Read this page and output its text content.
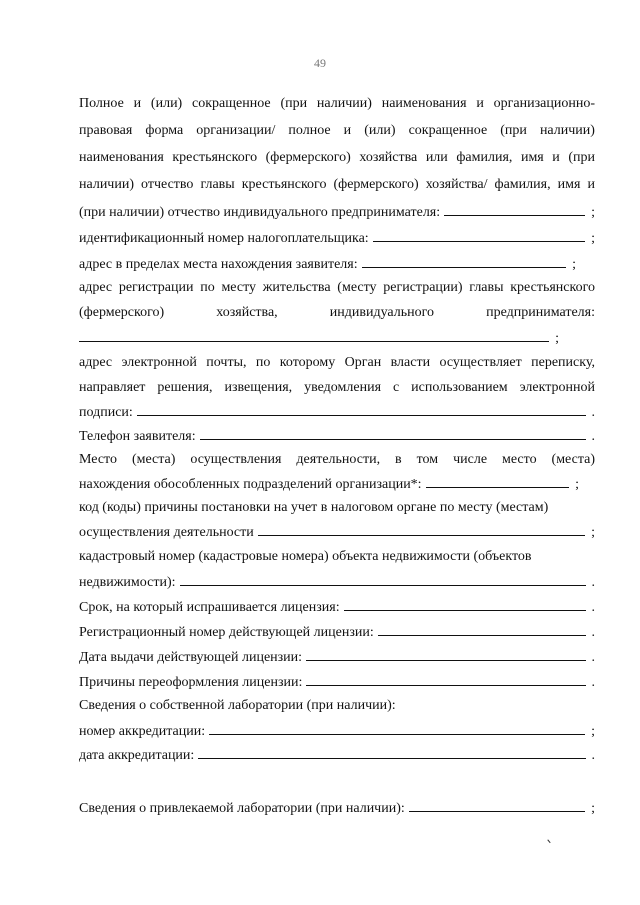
49
Полное и (или) сокращенное (при наличии) наименования и организационно-
правовая форма организации/ полное и (или) сокращенное (при наличии)
наименования крестьянского (фермерского) хозяйства или фамилия, имя и (при
наличии) отчество главы крестьянского (фермерского) хозяйства/ фамилия, имя и
(при наличии) отчество индивидуального предпринимателя:	;
идентификационный номер налогоплательщика:	;
адрес в пределах места нахождения заявителя:	;
адрес регистрации по месту жительства (месту регистрации) главы крестьянского
(фермерского)	хозяйства,	индивидуального	предпринимателя:
;
адрес электронной почты, по которому Орган власти осуществляет переписку,
направляет решения, извещения, уведомления с использованием электронной
подписи:	.
Телефон заявителя:	.
Место (места) осуществления деятельности, в том числе место (места)
нахождения обособленных подразделений организации*:	;
код (коды) причины постановки на учет в налоговом органе по месту (местам)
осуществления деятельности	;
кадастровый номер (кадастровые номера) объекта недвижимости (объектов
недвижимости):	.
Срок, на который испрашивается лицензия:	.
Регистрационный номер действующей лицензии:	.
Дата выдачи действующей лицензии:	.
Причины переоформления лицензии:	.
Сведения о собственной лаборатории (при наличии):
номер аккредитации:	;
дата аккредитации:	.
Сведения о привлекаемой лаборатории (при наличии):	;
